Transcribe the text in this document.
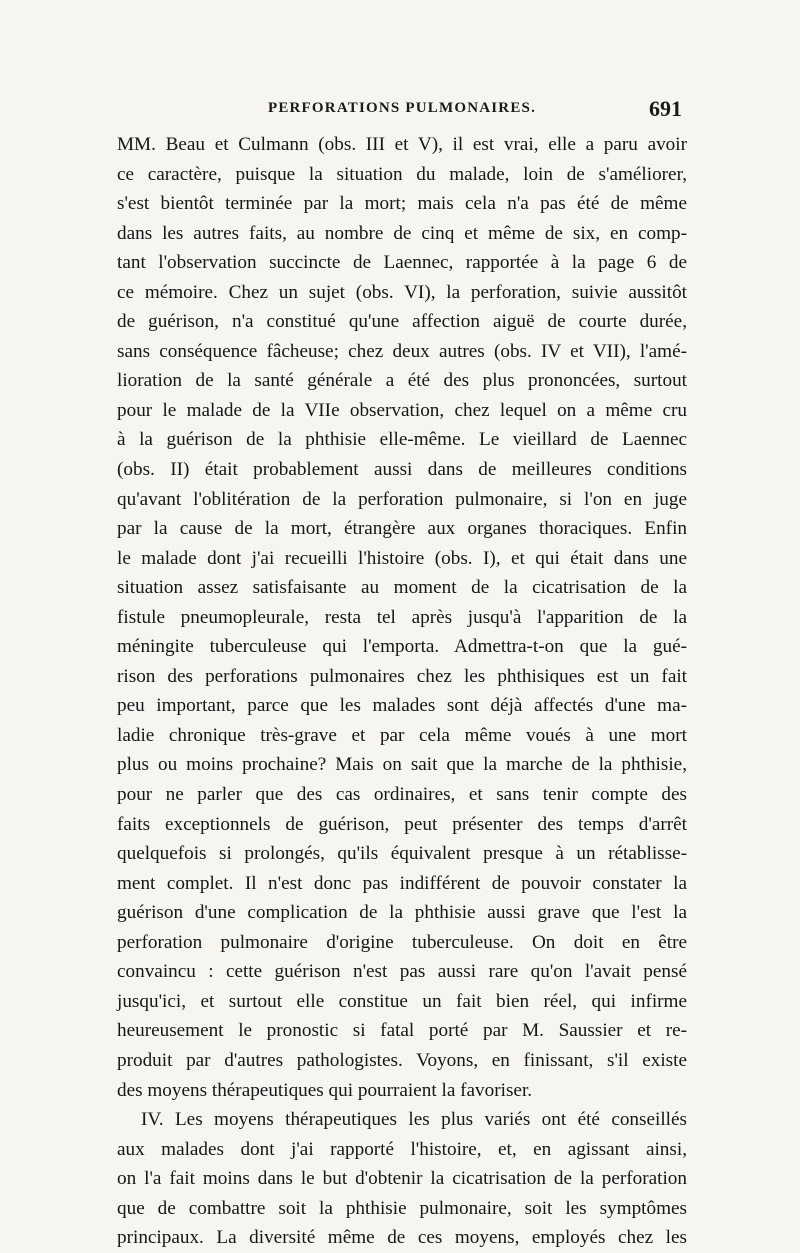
PERFORATIONS PULMONAIRES.	691
MM. Beau et Culmann (obs. III et V), il est vrai, elle a paru avoir
ce caractère, puisque la situation du malade, loin de s'améliorer,
s'est bientôt terminée par la mort; mais cela n'a pas été de même
dans les autres faits, au nombre de cinq et même de six, en comp-
tant l'observation succincte de Laennec, rapportée à la page 6 de
ce mémoire. Chez un sujet (obs. VI), la perforation, suivie aussitôt
de guérison, n'a constitué qu'une affection aiguë de courte durée,
sans conséquence fâcheuse; chez deux autres (obs. IV et VII), l'amé-
lioration de la santé générale a été des plus prononcées, surtout
pour le malade de la VIIe observation, chez lequel on a même cru
à la guérison de la phthisie elle-même. Le vieillard de Laennec
(obs. II) était probablement aussi dans de meilleures conditions
qu'avant l'oblitération de la perforation pulmonaire, si l'on en juge
par la cause de la mort, étrangère aux organes thoraciques. Enfin
le malade dont j'ai recueilli l'histoire (obs. I), et qui était dans une
situation assez satisfaisante au moment de la cicatrisation de la
fistule pneumopleurale, resta tel après jusqu'à l'apparition de la
méningite tuberculeuse qui l'emporta. Admettra-t-on que la gué-
rison des perforations pulmonaires chez les phthisiques est un fait
peu important, parce que les malades sont déjà affectés d'une ma-
ladie chronique très-grave et par cela même voués à une mort
plus ou moins prochaine? Mais on sait que la marche de la phthisie,
pour ne parler que des cas ordinaires, et sans tenir compte des
faits exceptionnels de guérison, peut présenter des temps d'arrêt
quelquefois si prolongés, qu'ils équivalent presque à un rétablisse-
ment complet. Il n'est donc pas indifférent de pouvoir constater la
guérison d'une complication de la phthisie aussi grave que l'est la
perforation pulmonaire d'origine tuberculeuse. On doit en être
convaincu : cette guérison n'est pas aussi rare qu'on l'avait pensé
jusqu'ici, et surtout elle constitue un fait bien réel, qui infirme
heureusement le pronostic si fatal porté par M. Saussier et re-
produit par d'autres pathologistes. Voyons, en finissant, s'il existe
des moyens thérapeutiques qui pourraient la favoriser.
IV. Les moyens thérapeutiques les plus variés ont été conseillés
aux malades dont j'ai rapporté l'histoire, et, en agissant ainsi,
on l'a fait moins dans le but d'obtenir la cicatrisation de la perforation
que de combattre soit la phthisie pulmonaire, soit les symptômes
principaux. La diversité même de ces moyens, employés chez les
